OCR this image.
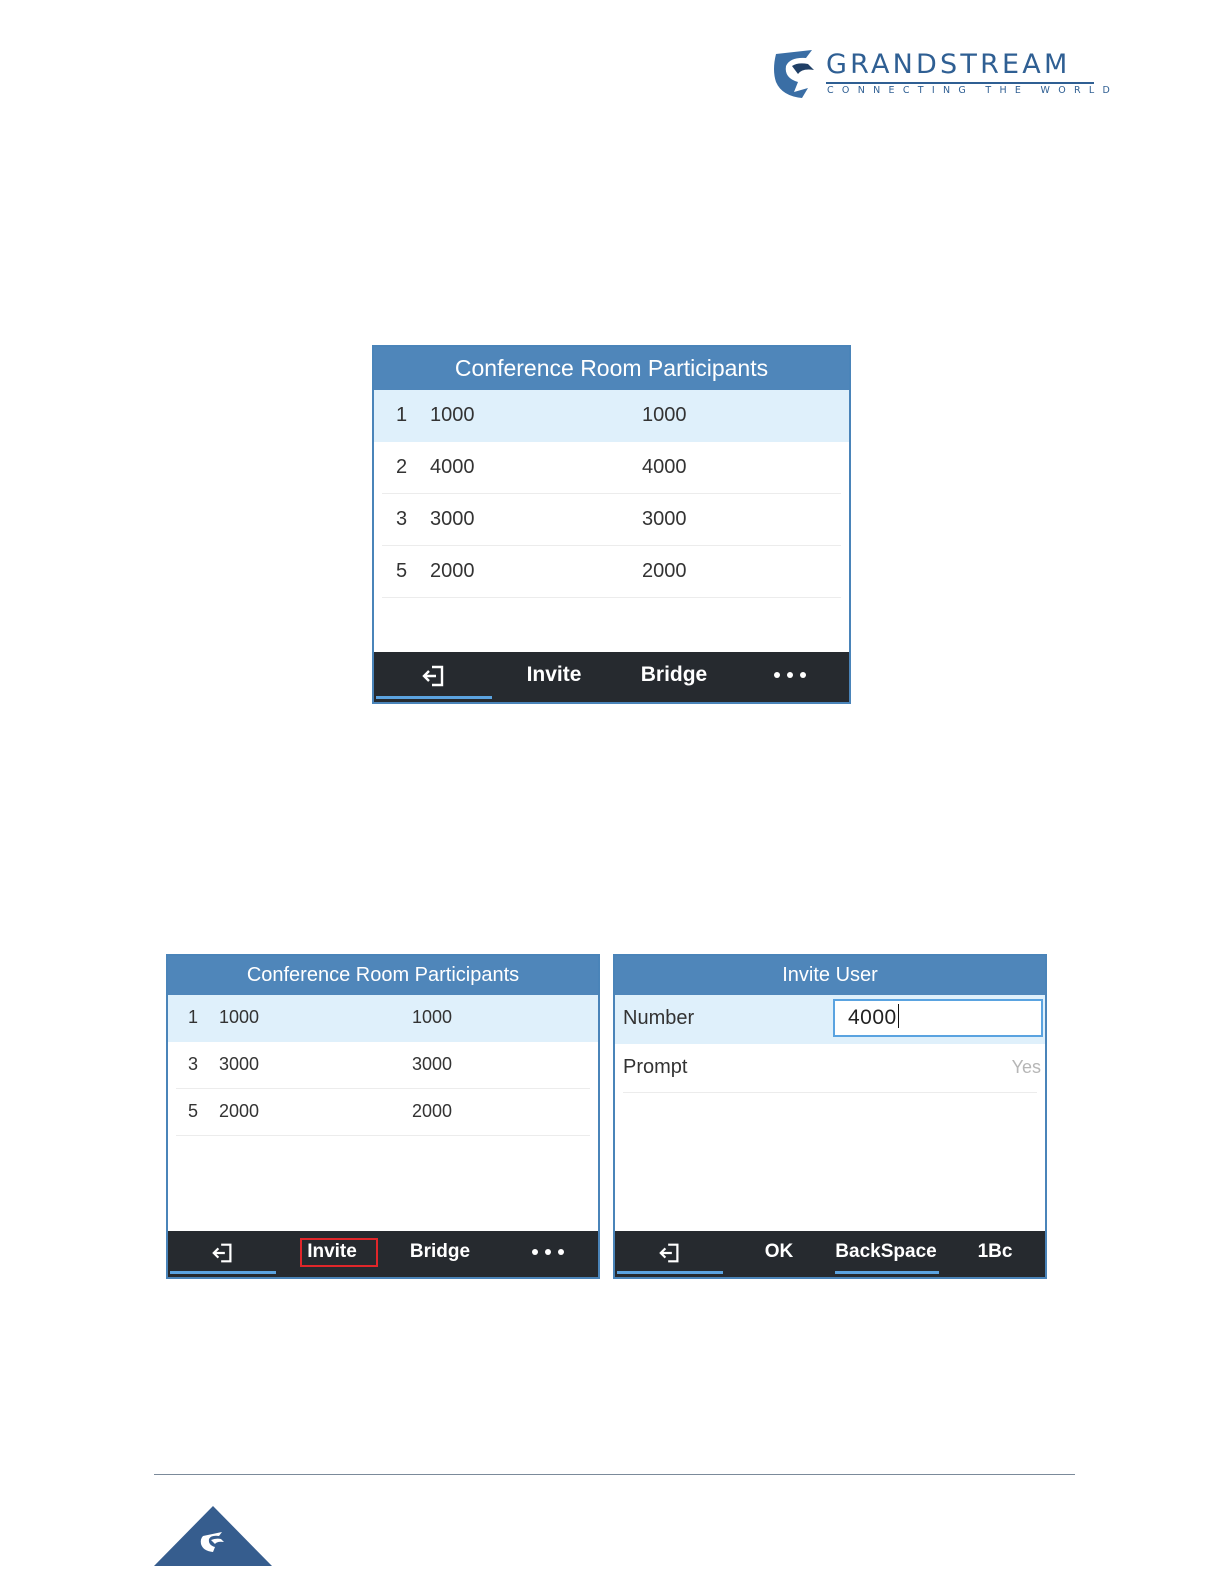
GRANDSTREAM
CONNECTING THE WORLD
Conference Room Participants
1 1000	1000
2 4000	4000
3 3000	3000
5 2000	2000
Invite	Bridge
Conference Room Participants
1 1000	1000
3 3000	3000
5 2000	2000
Invite	Bridge
Invite User
Number	4000
Prompt	Yes
OK	BackSpace	1Bc
